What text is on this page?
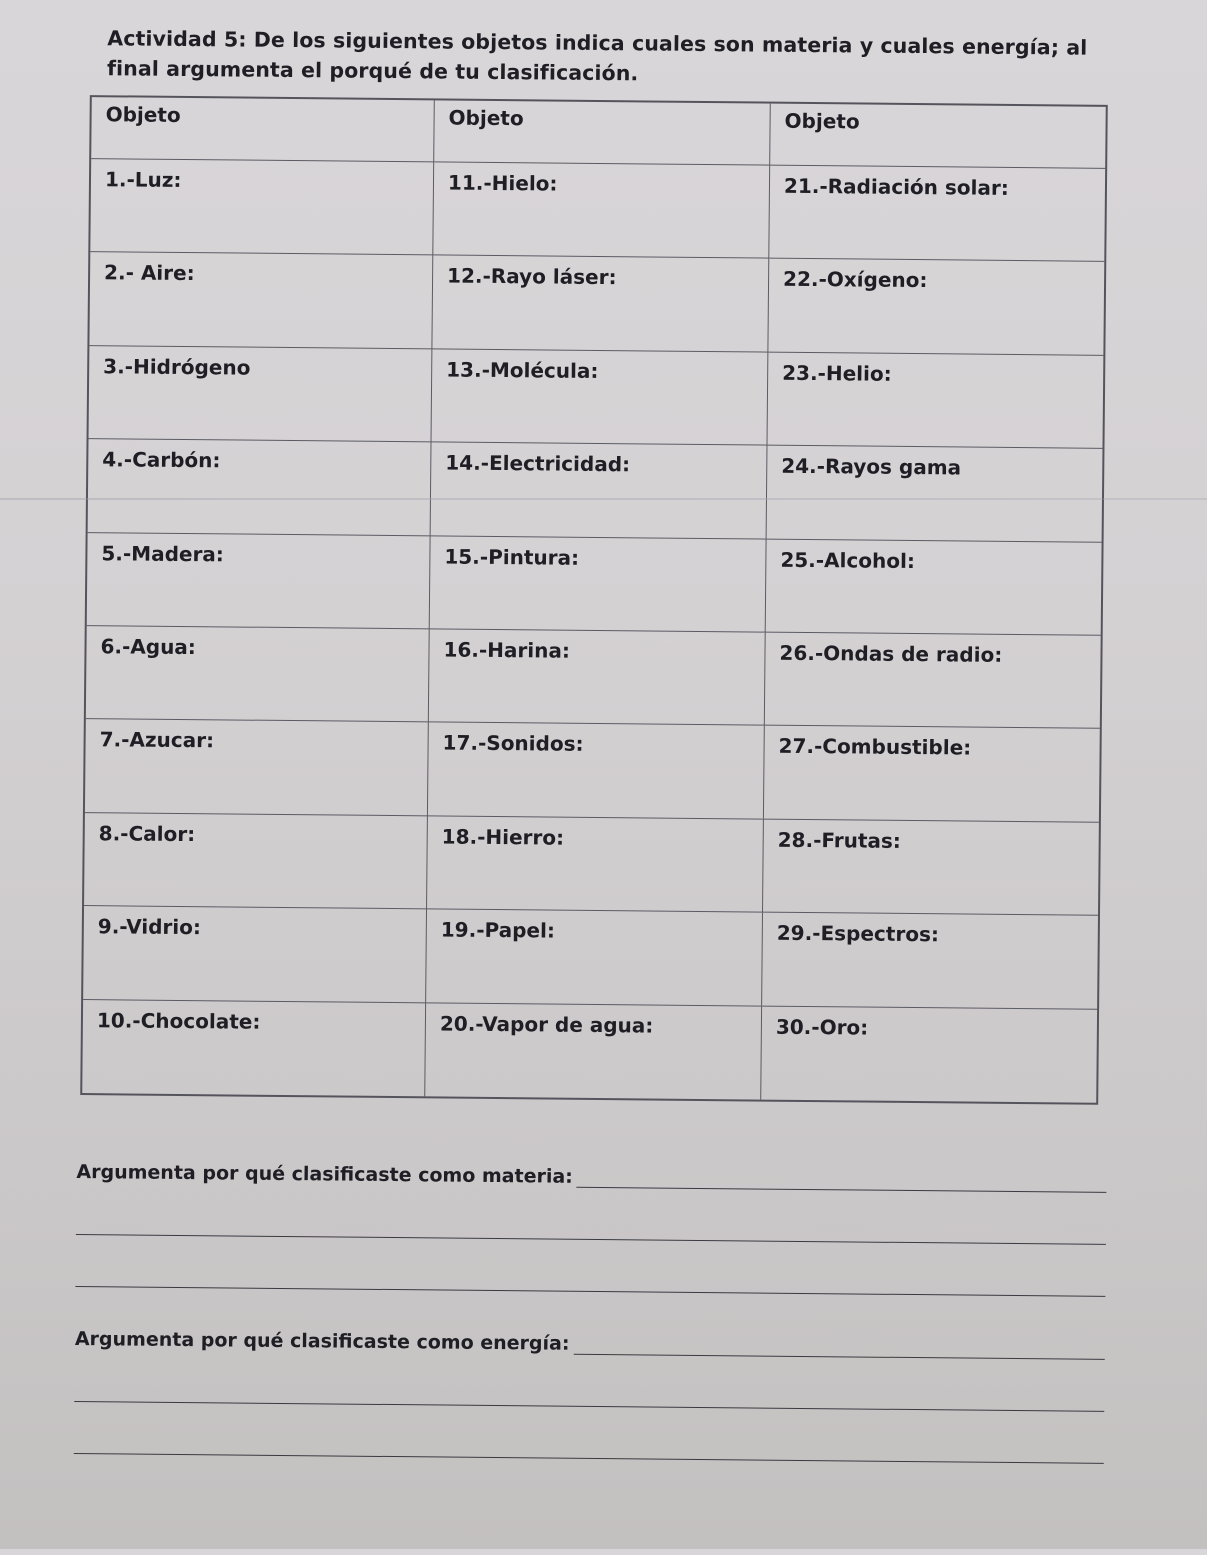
Actividad 5: De los siguientes objetos indica cuales son materia y cuales energía; al final argumenta el porqué de tu clasificación.
Objeto	Objeto	Objeto
1.-Luz:	11.-Hielo:	21.-Radiación solar:
2.- Aire:	12.-Rayo láser:	22.-Oxígeno:
3.-Hidrógeno	13.-Molécula:	23.-Helio:
4.-Carbón:	14.-Electricidad:	24.-Rayos gama
5.-Madera:	15.-Pintura:	25.-Alcohol:
6.-Agua:	16.-Harina:	26.-Ondas de radio:
7.-Azucar:	17.-Sonidos:	27.-Combustible:
8.-Calor:	18.-Hierro:	28.-Frutas:
9.-Vidrio:	19.-Papel:	29.-Espectros:
10.-Chocolate:	20.-Vapor de agua:	30.-Oro:
Argumenta por qué clasificaste como materia:
Argumenta por qué clasificaste como energía:
